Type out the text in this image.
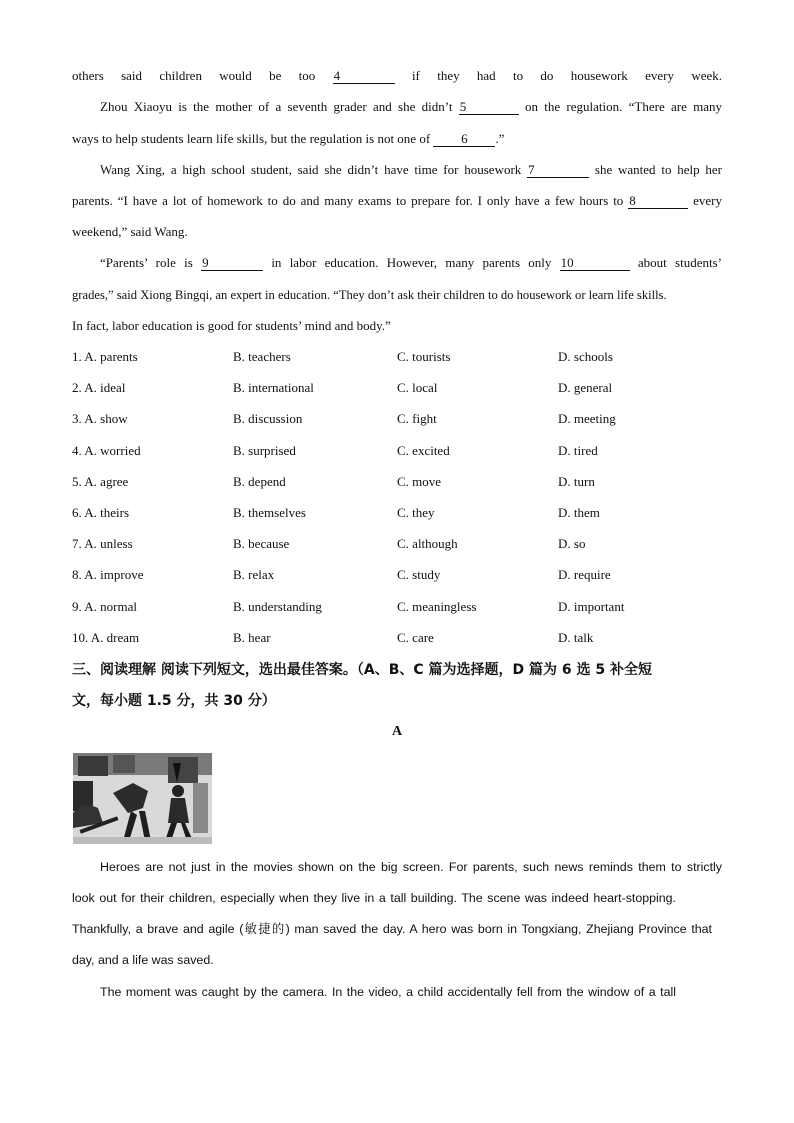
others said children would be too 4	if they had to do housework every week.
Zhou Xiaoyu is the mother of a seventh grader and she didn’t 5	on the regulation. “There are many
ways to help students learn life skills, but the regulation is not one of 6 .”
Wang Xing, a high school student, said she didn’t have time for housework 7	she wanted to help her
parents. “I have a lot of homework to do and many exams to prepare for. I only have a few hours to 8	every
weekend,” said Wang.
“Parents’ role is 9	in labor education. However, many parents only 10	about students’
grades,” said Xiong Bingqi, an expert in education. “They don’t ask their children to do housework or learn life skills.
In fact, labor education is good for students’ mind and body.”
1. A. parents	B. teachers	C. tourists	D. schools
2. A. ideal	B. international	C. local	D. general
3. A. show	B. discussion	C. fight	D. meeting
4. A. worried	B. surprised	C. excited	D. tired
5. A. agree	B. depend	C. move	D. turn
6. A. theirs	B. themselves	C. they	D. them
7. A. unless	B. because	C. although	D. so
8. A. improve	B. relax	C. study	D. require
9. A. normal	B. understanding	C. meaningless	D. important
10. A. dream	B. hear	C. care	D. talk
三、阅读理解 阅读下列短文，选出最佳答案。（A、B、C 篇为选择题，D 篇为 6 选 5 补全短
文，每小题 1.5 分，共 30 分）
A
Heroes are not just in the movies shown on the big screen. For parents, such news reminds them to strictly
look out for their children, especially when they live in a tall building. The scene was indeed heart-stopping.
Thankfully, a brave and agile (敏捷的) man saved the day. A hero was born in Tongxiang, Zhejiang Province that
day, and a life was saved.
The moment was caught by the camera. In the video, a child accidentally fell from the window of a tall
